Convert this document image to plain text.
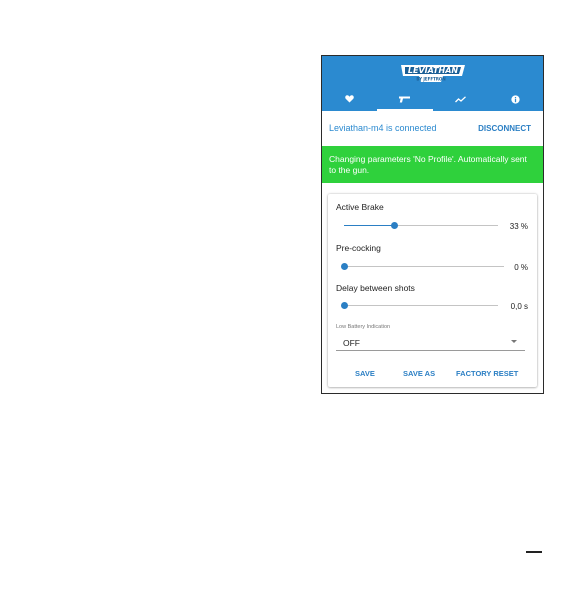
LEVIATHAN
BY JEFFTRON
Leviathan-m4 is connected	DISCONNECT
Changing parameters 'No Profile'. Automatically sent to the gun.
Active Brake
33 %
Pre-cocking
0 %
Delay between shots
0,0 s
Low Battery Indication
OFF
SAVE	SAVE AS	FACTORY RESET
